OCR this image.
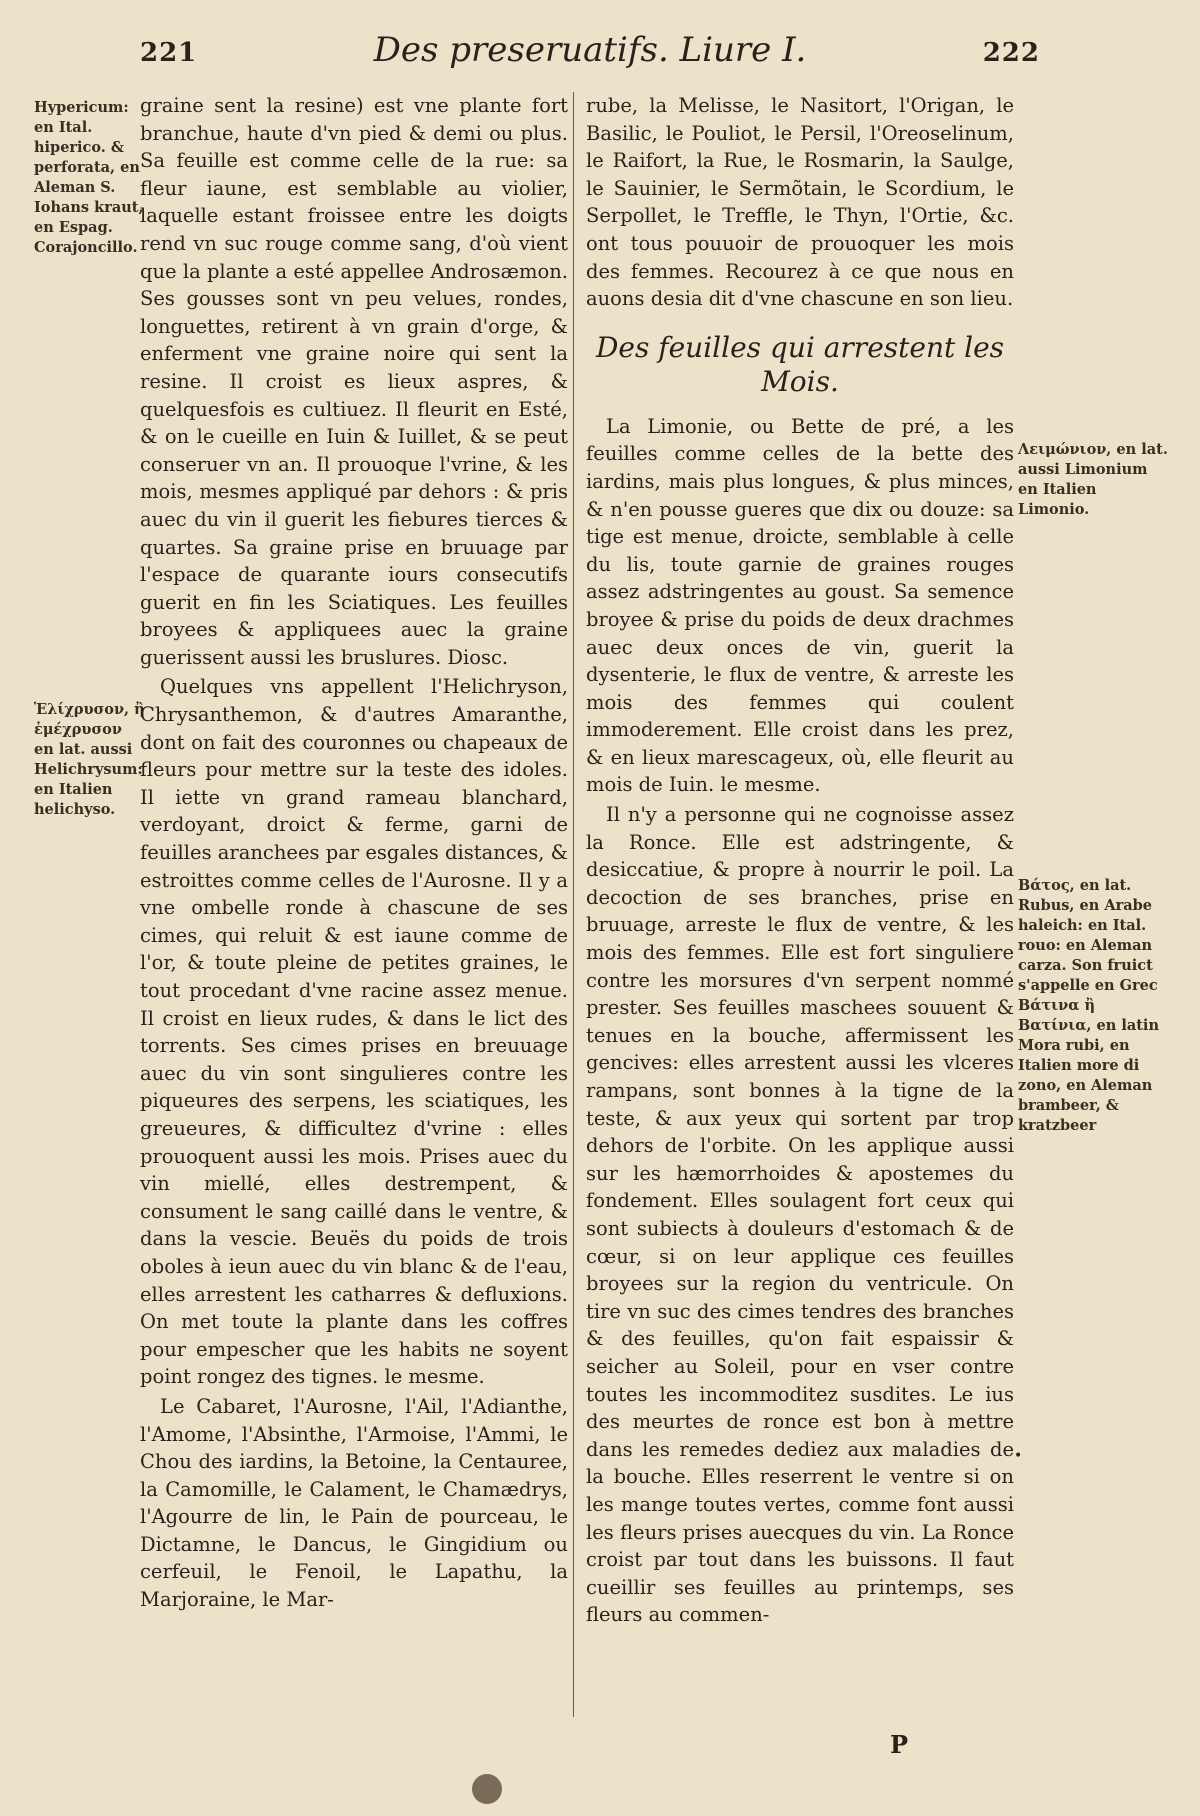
221	Des preseruatifs. Liure I.	222
Hypericum: en Ital. hiperico. & perforata, en Aleman S. Iohans kraut, en Espag. Corajoncillo.
Ἑλίχρυσον, ἢ ἑμέχρυσον en lat. aussi Helichrysum: en Italien helichyso.
Λειμώνιον, en lat. aussi Limonium en Italien Limonio.
Βάτος, en lat. Rubus, en Arabe haleich: en Ital. rouo: en Aleman carza. Son fruict s'appelle en Grec Βάτινα ἢ Βατίνια, en latin Mora rubi, en Italien more di zono, en Aleman brambeer, & kratzbeer

graine sent la resine) est vne plante fort branchue, haute d'vn pied & demi ou plus. Sa feuille est comme celle de la rue: sa fleur iaune, est semblable au violier, laquelle estant froissee entre les doigts rend vn suc rouge comme sang, d'où vient que la plante a esté appellee Androsæmon. Ses gousses sont vn peu velues, rondes, longuettes, retirent à vn grain d'orge, & enferment vne graine noire qui sent la resine. Il croist es lieux aspres, & quelquesfois es cultiuez. Il fleurit en Esté, & on le cueille en Iuin & Iuillet, & se peut conseruer vn an. Il prouoque l'vrine, & les mois, mesmes appliqué par dehors : & pris auec du vin il guerit les fiebures tierces & quartes. Sa graine prise en bruuage par l'espace de quarante iours consecutifs guerit en fin les Sciatiques. Les feuilles broyees & appliquees auec la graine guerissent aussi les bruslures. Diosc.

Quelques vns appellent l'Helichryson, Chrysanthemon, & d'autres Amaranthe, dont on fait des couronnes ou chapeaux de fleurs pour mettre sur la teste des idoles. Il iette vn grand rameau blanchard, verdoyant, droict & ferme, garni de feuilles aranchees par esgales distances, & estroittes comme celles de l'Aurosne. Il y a vne ombelle ronde à chascune de ses cimes, qui reluit & est iaune comme de l'or, & toute pleine de petites graines, le tout procedant d'vne racine assez menue. Il croist en lieux rudes, & dans le lict des torrents. Ses cimes prises en breuuage auec du vin sont singulieres contre les piqueures des serpens, les sciatiques, les greueures, & difficultez d'vrine : elles prouoquent aussi les mois. Prises auec du vin miellé, elles destrempent, & consument le sang caillé dans le ventre, & dans la vescie. Beuës du poids de trois oboles à ieun auec du vin blanc & de l'eau, elles arrestent les catharres & defluxions. On met toute la plante dans les coffres pour empescher que les habits ne soyent point rongez des tignes. le mesme.

Le Cabaret, l'Aurosne, l'Ail, l'Adianthe, l'Amome, l'Absinthe, l'Armoise, l'Ammi, le Chou des iardins, la Betoine, la Centauree, la Camomille, le Calament, le Chamædrys, l'Agourre de lin, le Pain de pourceau, le Dictamne, le Dancus, le Gingidium ou cerfeuil, le Fenoil, le Lapathu, la Marjoraine, le Mar-

rube, la Melisse, le Nasitort, l'Origan, le Basilic, le Pouliot, le Persil, l'Oreoselinum, le Raifort, la Rue, le Rosmarin, la Saulge, le Sauinier, le Sermõtain, le Scordium, le Serpollet, le Treffle, le Thyn, l'Ortie, &c. ont tous pouuoir de prouoquer les mois des femmes. Recourez à ce que nous en auons desia dit d'vne chascune en son lieu.

Des feuilles qui arrestent les Mois.

La Limonie, ou Bette de pré, a les feuilles comme celles de la bette des iardins, mais plus longues, & plus minces, & n'en pousse gueres que dix ou douze: sa tige est menue, droicte, semblable à celle du lis, toute garnie de graines rouges assez adstringentes au goust. Sa semence broyee & prise du poids de deux drachmes auec deux onces de vin, guerit la dysenterie, le flux de ventre, & arreste les mois des femmes qui coulent immoderement. Elle croist dans les prez, & en lieux marescageux, où, elle fleurit au mois de Iuin. le mesme.

Il n'y a personne qui ne cognoisse assez la Ronce. Elle est adstringente, & desiccatiue, & propre à nourrir le poil. La decoction de ses branches, prise en bruuage, arreste le flux de ventre, & les mois des femmes. Elle est fort singuliere contre les morsures d'vn serpent nommé prester. Ses feuilles maschees souuent & tenues en la bouche, affermissent les gencives: elles arrestent aussi les vlceres rampans, sont bonnes à la tigne de la teste, & aux yeux qui sortent par trop dehors de l'orbite. On les applique aussi sur les hæmorrhoides & apostemes du fondement. Elles soulagent fort ceux qui sont subiects à douleurs d'estomach & de cœur, si on leur applique ces feuilles broyees sur la region du ventricule. On tire vn suc des cimes tendres des branches & des feuilles, qu'on fait espaissir & seicher au Soleil, pour en vser contre toutes les incommoditez susdites. Le ius des meurtes de ronce est bon à mettre dans les remedes dediez aux maladies de la bouche. Elles reserrent le ventre si on les mange toutes vertes, comme font aussi les fleurs prises auecques du vin. La Ronce croist par tout dans les buissons. Il faut cueillir ses feuilles au printemps, ses fleurs au commen-

•
P
